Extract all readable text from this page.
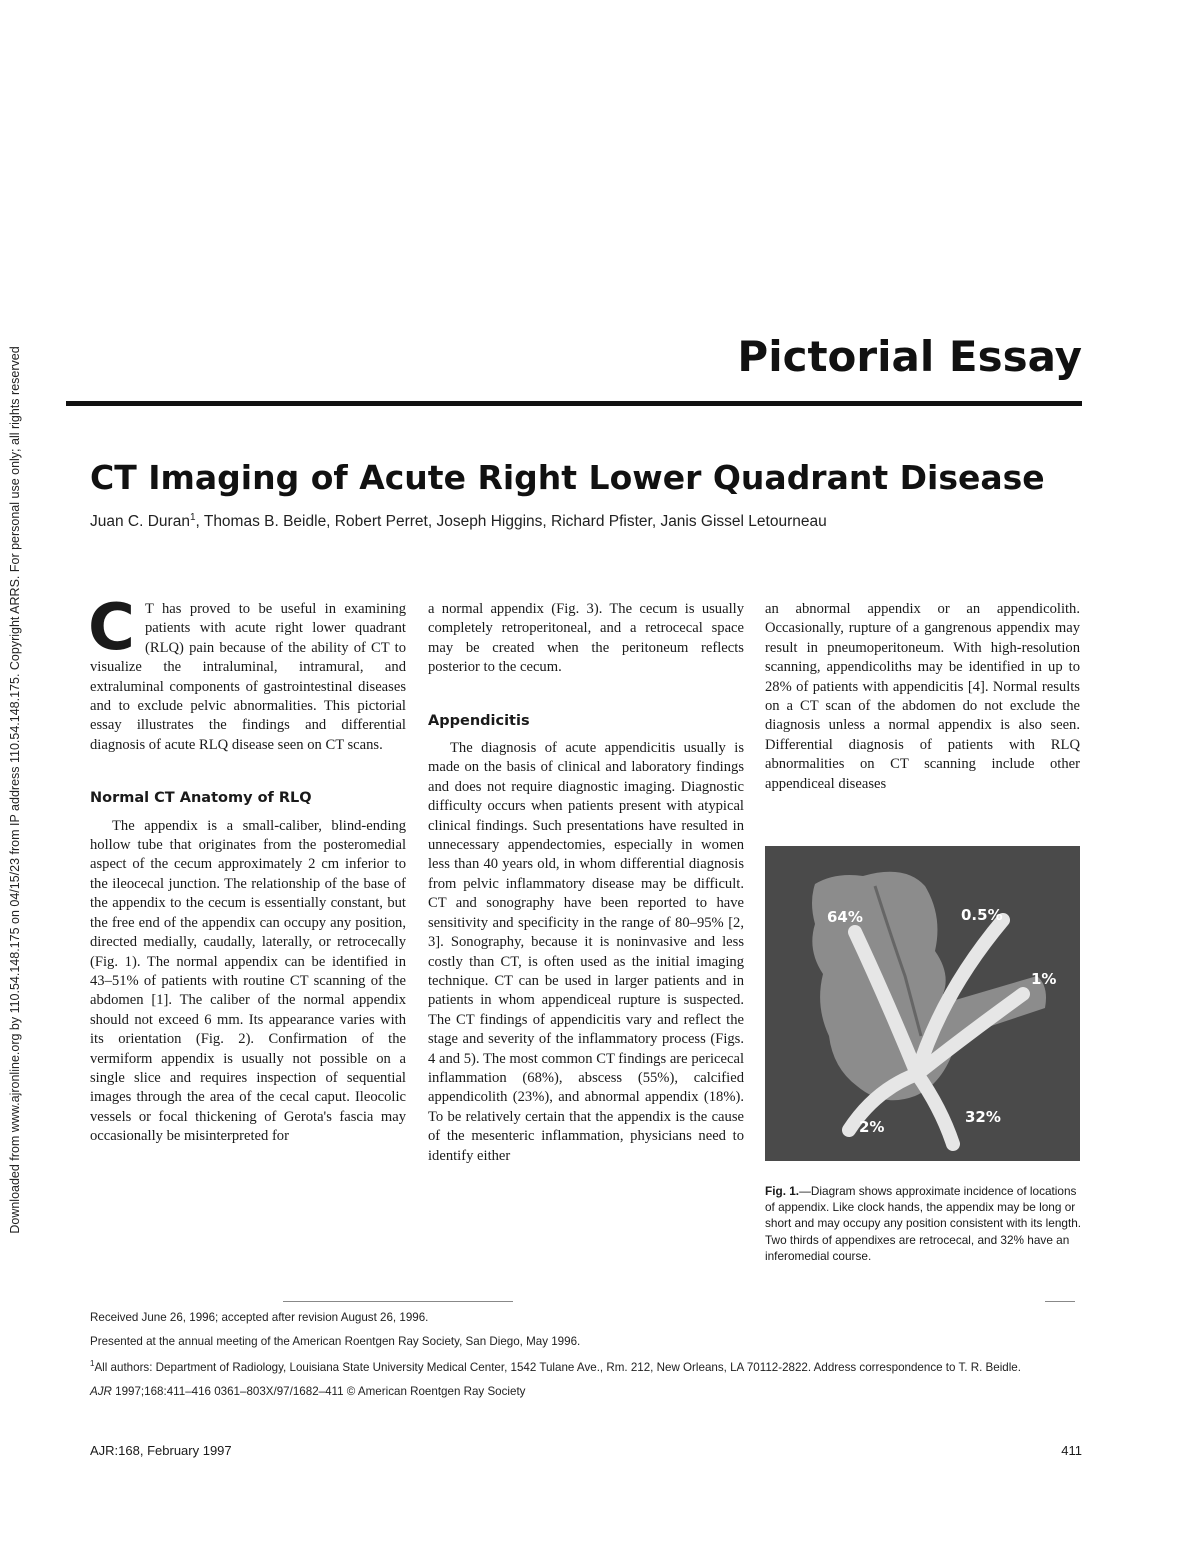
Downloaded from www.ajronline.org by 110.54.148.175 on 04/15/23 from IP address 110.54.148.175. Copyright ARRS. For personal use only; all rights reserved	Pictorial Essay
CT Imaging of Acute Right Lower Quadrant Disease
Juan C. Duran$^1$, Thomas B. Beidle, Robert Perret, Joseph Higgins, Richard Pfister, Janis Gissel Letourneau

C T has proved to be useful in examining patients with acute right lower quadrant (RLQ) pain because of the ability of CT to visualize the intraluminal, intramural, and extraluminal components of gastrointestinal diseases and to exclude pelvic abnormalities. This pictorial essay illustrates the findings and differential diagnosis of acute RLQ disease seen on CT scans.

Normal CT Anatomy of RLQ

The appendix is a small-caliber, blind-ending hollow tube that originates from the posteromedial aspect of the cecum approximately 2 cm inferior to the ileocecal junction. The relationship of the base of the appendix to the cecum is essentially constant, but the free end of the appendix can occupy any position, directed medially, caudally, laterally, or retrocecally (Fig. 1). The normal appendix can be identified in 43–51% of patients with routine CT scanning of the abdomen [1]. The caliber of the normal appendix should not exceed 6 mm. Its appearance varies with its orientation (Fig. 2). Confirmation of the vermiform appendix is usually not possible on a single slice and requires inspection of sequential images through the area of the cecal caput. Ileocolic vessels or focal thickening of Gerota's fascia may occasionally be misinterpreted for

a normal appendix (Fig. 3). The cecum is usually completely retroperitoneal, and a retrocecal space may be created when the peritoneum reflects posterior to the cecum.

Appendicitis

The diagnosis of acute appendicitis usually is made on the basis of clinical and laboratory findings and does not require diagnostic imaging. Diagnostic difficulty occurs when patients present with atypical clinical findings. Such presentations have resulted in unnecessary appendectomies, especially in women less than 40 years old, in whom differential diagnosis from pelvic inflammatory disease may be difficult. CT and sonography have been reported to have sensitivity and specificity in the range of 80–95% [2, 3]. Sonography, because it is noninvasive and less costly than CT, is often used as the initial imaging technique. CT can be used in larger patients and in patients in whom appendiceal rupture is suspected. The CT findings of appendicitis vary and reflect the stage and severity of the inflammatory process (Figs. 4 and 5). The most common CT findings are pericecal inflammation (68%), abscess (55%), calcified appendicolith (23%), and abnormal appendix (18%). To be relatively certain that the appendix is the cause of the mesenteric inflammation, physicians need to identify either

an abnormal appendix or an appendicolith. Occasionally, rupture of a gangrenous appendix may result in pneumoperitoneum. With high-resolution scanning, appendicoliths may be identified in up to 28% of patients with appendicitis [4]. Normal results on a CT scan of the abdomen do not exclude the diagnosis unless a normal appendix is also seen. Differential diagnosis of patients with RLQ abnormalities on CT scanning include other appendiceal diseases

64%	0.5%
1%
2%
32%
Fig. 1.—Diagram shows approximate incidence of locations of appendix. Like clock hands, the appendix may be long or short and may occupy any position consistent with its length. Two thirds of appendixes are retrocecal, and 32% have an inferomedial course.

Received June 26, 1996; accepted after revision August 26, 1996.

Presented at the annual meeting of the American Roentgen Ray Society, San Diego, May 1996.

$^1$All authors: Department of Radiology, Louisiana State University Medical Center, 1542 Tulane Ave., Rm. 212, New Orleans, LA 70112-2822. Address correspondence to T. R. Beidle.

AJR 1997;168:411–416 0361–803X/97/1682–411 © American Roentgen Ray Society

AJR:168, February 1997	411
